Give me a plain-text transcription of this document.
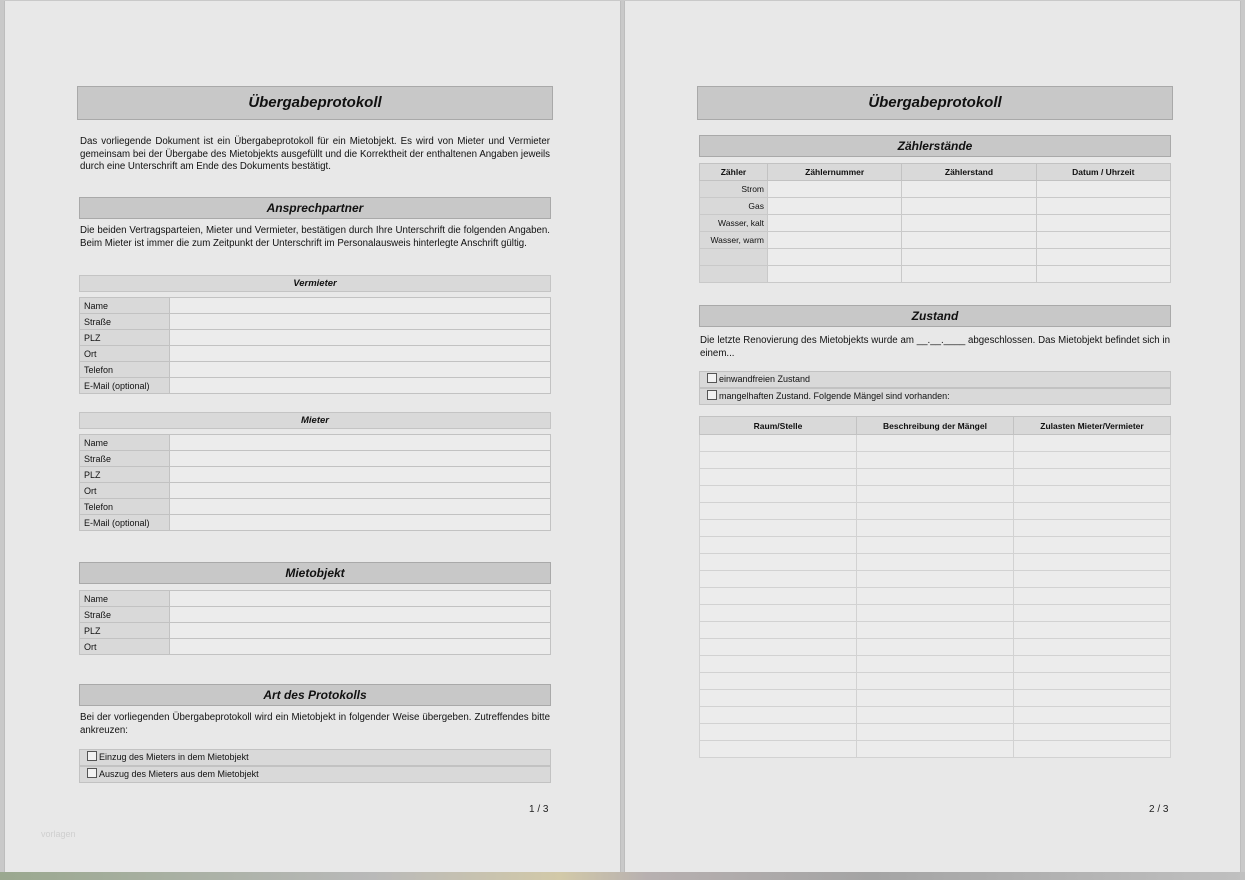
Übergabeprotokoll

Das vorliegende Dokument ist ein Übergabeprotokoll für ein Mietobjekt. Es wird von Mieter und Vermieter gemeinsam bei der Übergabe des Mietobjekts ausgefüllt und die Korrektheit der enthaltenen Angaben jeweils durch eine Unterschrift am Ende des Dokuments bestätigt.

Ansprechpartner

Die beiden Vertragsparteien, Mieter und Vermieter, bestätigen durch Ihre Unterschrift die folgenden Angaben. Beim Mieter ist immer die zum Zeitpunkt der Unterschrift im Personalausweis hinterlegte Anschrift gültig.

Vermieter
Name	
Straße	
PLZ	
Ort	
Telefon	
E-Mail (optional)	
Mieter
Name	
Straße	
PLZ	
Ort	
Telefon	
E-Mail (optional)	
Mietobjekt
Name	
Straße	
PLZ	
Ort	
Art des Protokolls

Bei der vorliegenden Übergabeprotokoll wird ein Mietobjekt in folgender Weise übergeben. Zutreffendes bitte ankreuzen:

Einzug des Mieters in dem Mietobjekt
Auszug des Mieters aus dem Mietobjekt
1 / 3
vorlagen
Übergabeprotokoll
Zählerstände
Zähler	Zählernummer	Zählerstand	Datum / Uhrzeit
Strom			
Gas			
Wasser, kalt			
Wasser, warm			

Zustand

Die letzte Renovierung des Mietobjekts wurde am __.__.____ abgeschlossen. Das Mietobjekt befindet sich in einem...

einwandfreien Zustand
mangelhaften Zustand. Folgende Mängel sind vorhanden:
Raum/Stelle	Beschreibung der Mängel	Zulasten Mieter/Vermieter

2 / 3
